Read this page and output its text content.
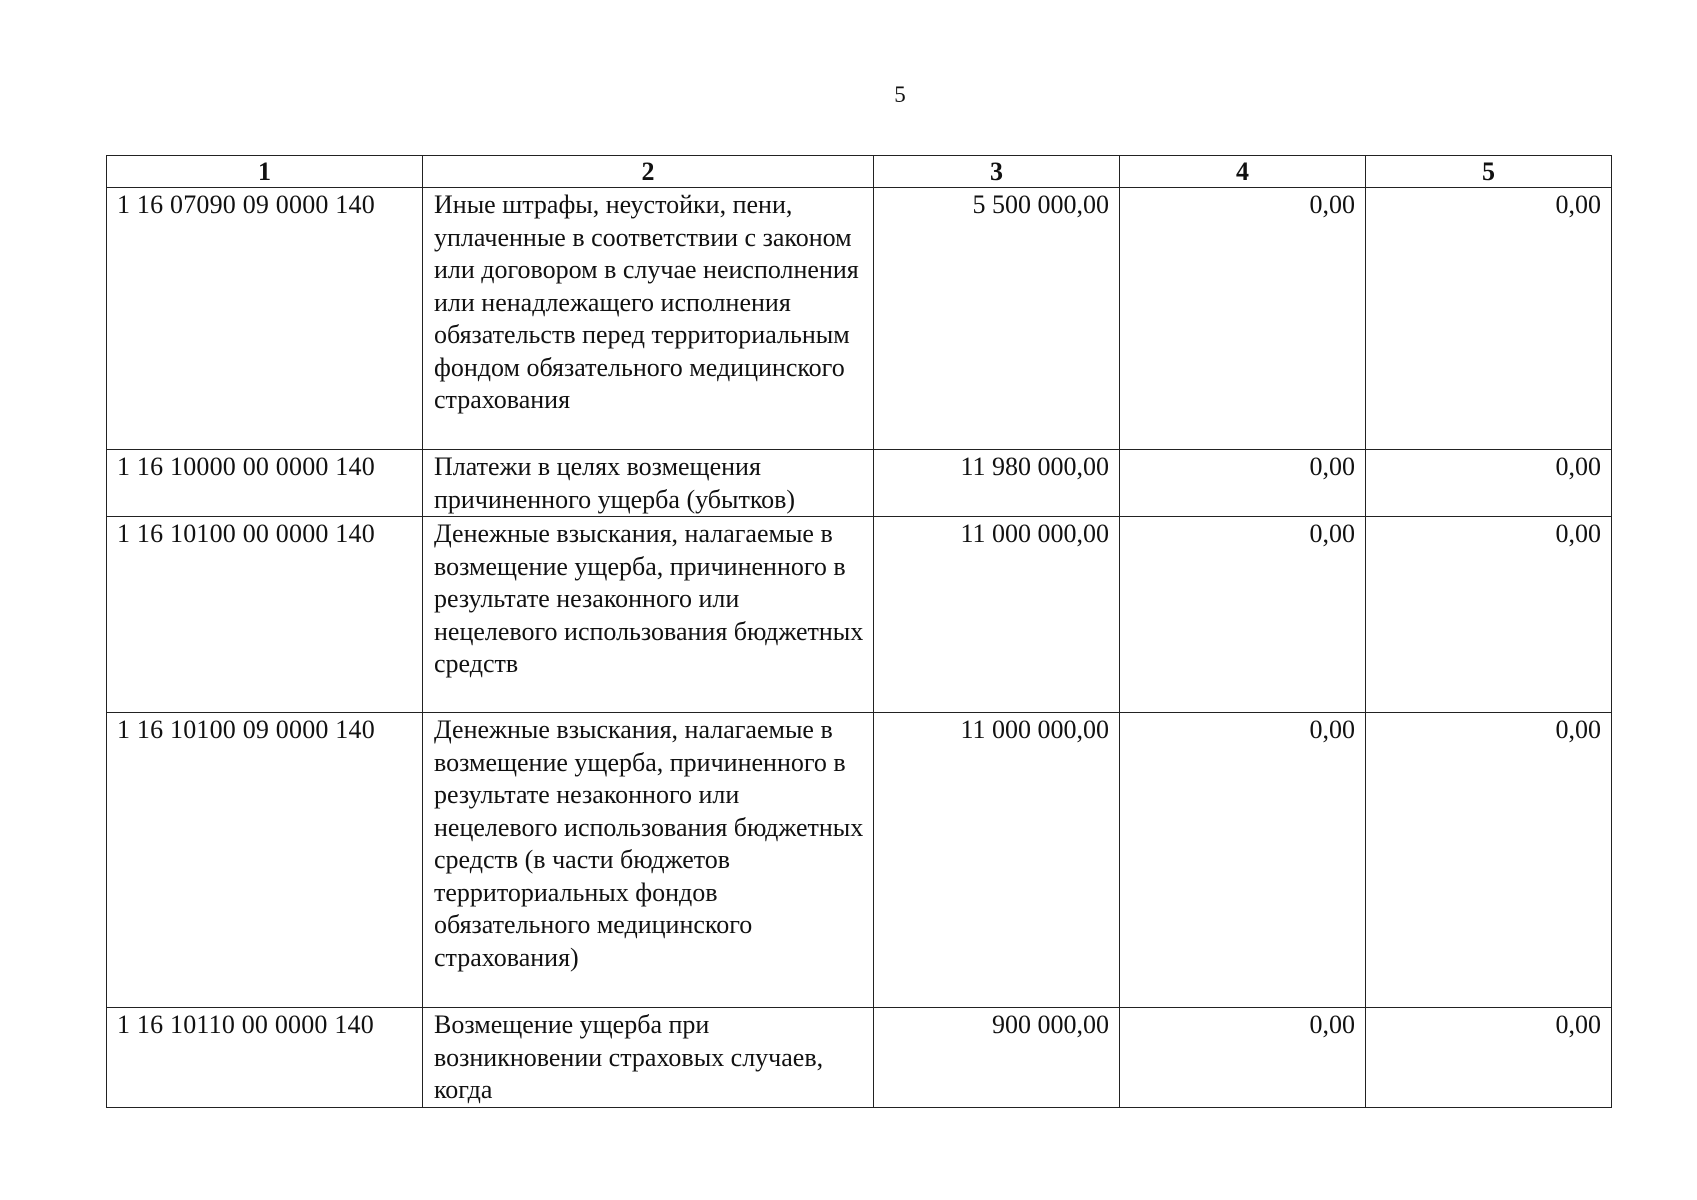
5
1	2	3	4	5
1 16 07090 09 0000 140	Иные штрафы, неустойки, пени, уплаченные в соответствии с законом или договором в случае неисполнения или ненадлежащего исполнения обязательств перед территориальным фондом обязательного медицинского страхования	5 500 000,00	0,00	0,00
1 16 10000 00 0000 140	Платежи в целях возмещения причиненного ущерба (убытков)	11 980 000,00	0,00	0,00
1 16 10100 00 0000 140	Денежные взыскания, налагаемые в возмещение ущерба, причиненного в результате незаконного или нецелевого использования бюджетных средств	11 000 000,00	0,00	0,00
1 16 10100 09 0000 140	Денежные взыскания, налагаемые в возмещение ущерба, причиненного в результате незаконного или нецелевого использования бюджетных средств (в части бюджетов территориальных фондов обязательного медицинского страхования)	11 000 000,00	0,00	0,00
1 16 10110 00 0000 140	Возмещение ущерба при возникновении страховых случаев, когда	900 000,00	0,00	0,00
